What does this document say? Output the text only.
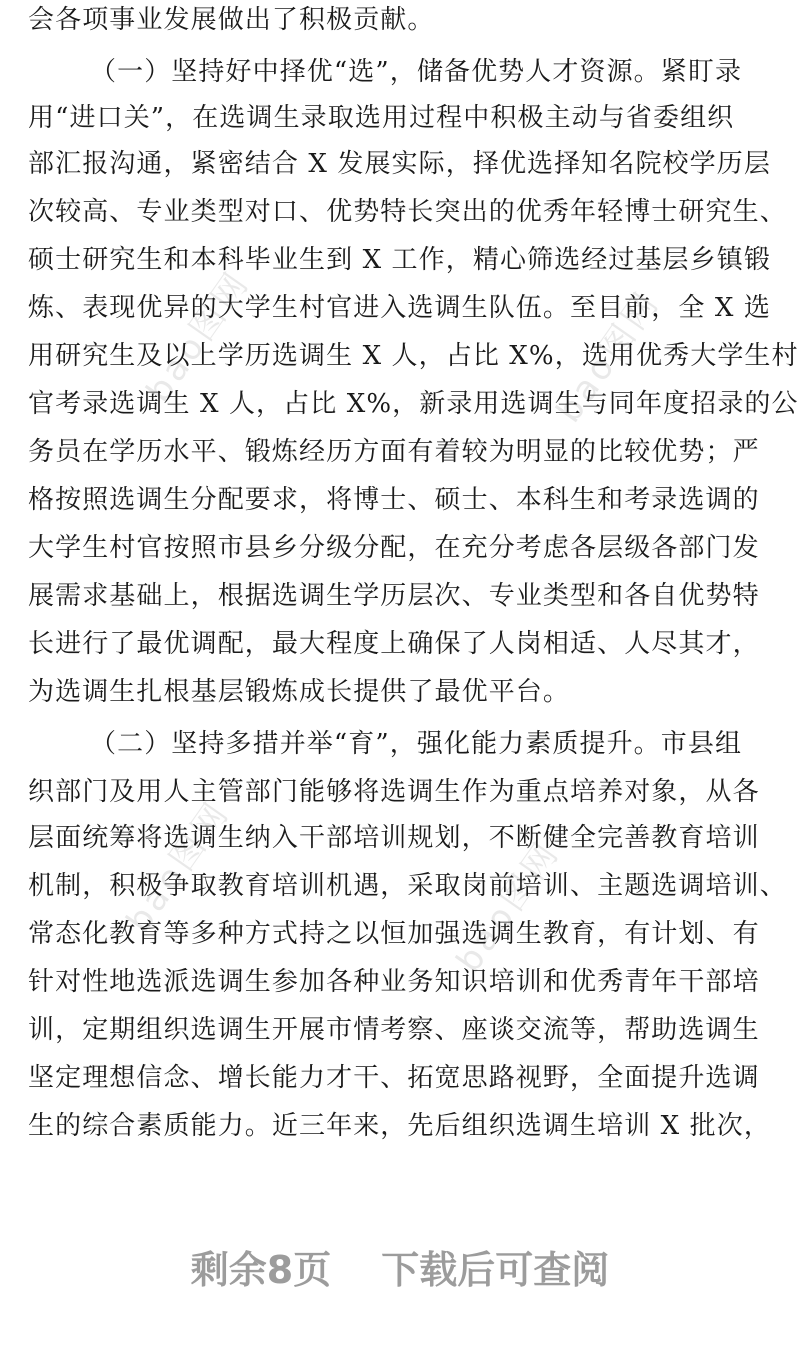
bao图网	bao图网
bao图网	bao图网
会各项事业发展做出了积极贡献。
（一）坚持好中择优“选”，储备优势人才资源。紧盯录
用“进口关”，在选调生录取选用过程中积极主动与省委组织
部汇报沟通，紧密结合 X 发展实际，择优选择知名院校学历层
次较高、专业类型对口、优势特长突出的优秀年轻博士研究生、
硕士研究生和本科毕业生到 X 工作，精心筛选经过基层乡镇锻
炼、表现优异的大学生村官进入选调生队伍。至目前，全 X 选
用研究生及以上学历选调生 X 人，占比 X%，选用优秀大学生村
官考录选调生 X 人，占比 X%，新录用选调生与同年度招录的公
务员在学历水平、锻炼经历方面有着较为明显的比较优势；严
格按照选调生分配要求，将博士、硕士、本科生和考录选调的
大学生村官按照市县乡分级分配，在充分考虑各层级各部门发
展需求基础上，根据选调生学历层次、专业类型和各自优势特
长进行了最优调配，最大程度上确保了人岗相适、人尽其才，
为选调生扎根基层锻炼成长提供了最优平台。
（二）坚持多措并举“育”，强化能力素质提升。市县组
织部门及用人主管部门能够将选调生作为重点培养对象，从各
层面统筹将选调生纳入干部培训规划，不断健全完善教育培训
机制，积极争取教育培训机遇，采取岗前培训、主题选调培训、
常态化教育等多种方式持之以恒加强选调生教育，有计划、有
针对性地选派选调生参加各种业务知识培训和优秀青年干部培
训，定期组织选调生开展市情考察、座谈交流等，帮助选调生
坚定理想信念、增长能力才干、拓宽思路视野，全面提升选调
生的综合素质能力。近三年来，先后组织选调生培训 X 批次，
剩余8页 下载后可查阅
